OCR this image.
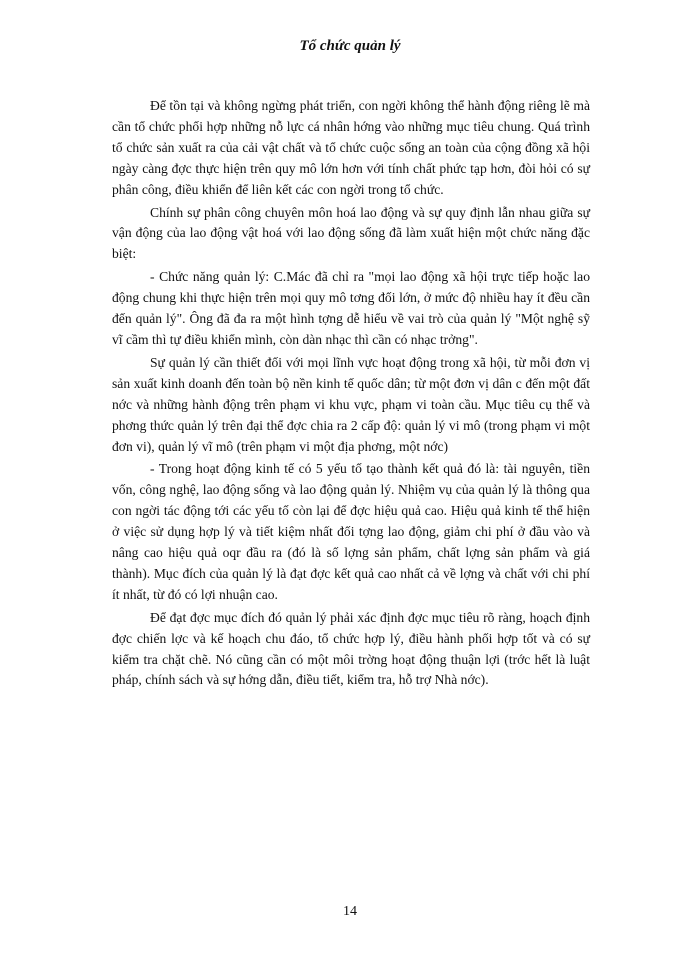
Tổ chức quản lý

Để tồn tại và không ngừng phát triển, con ngời không thể hành động riêng lẽ mà cần tổ chức phối hợp những nỗ lực cá nhân hớng vào những mục tiêu chung. Quá trình tổ chức sản xuất ra của cải vật chất và tổ chức cuộc sống an toàn của cộng đồng xã hội ngày càng đợc thực hiện trên quy mô lớn hơn với tính chất phức tạp hơn, đòi hỏi có sự phân công, điều khiển để liên kết các con ngời trong tổ chức.

Chính sự phân công chuyên môn hoá lao động và sự quy định lẫn nhau giữa sự vận động của lao động vật hoá với lao động sống đã làm xuất hiện một chức năng đặc biệt:

- Chức năng quản lý: C.Mác đã chỉ ra "mọi lao động xã hội trực tiếp hoặc lao động chung khi thực hiện trên mọi quy mô tơng đối lớn, ở mức độ nhiều hay ít đều cần đến quản lý". Ông đã đa ra một hình tợng dễ hiểu về vai trò của quản lý "Một nghệ sỹ vĩ cầm thì tự điều khiển mình, còn dàn nhạc thì cần có nhạc trởng".

Sự quản lý cần thiết đối với mọi lĩnh vực hoạt động trong xã hội, từ mỗi đơn vị sản xuất kinh doanh đến toàn bộ nền kinh tế quốc dân; từ một đơn vị dân c đến một đất nớc và những hành động trên phạm vi khu vực, phạm vi toàn cầu. Mục tiêu cụ thể và phơng thức quản lý trên đại thể đợc chia ra 2 cấp độ: quản lý vi mô (trong phạm vi một đơn vi), quản lý vĩ mô (trên phạm vi một địa phơng, một nớc)

- Trong hoạt động kinh tế có 5 yếu tố tạo thành kết quả đó là: tài nguyên, tiền vốn, công nghệ, lao động sống và lao động quản lý. Nhiệm vụ của quản lý là thông qua con ngời tác động tới các yếu tố còn lại để đợc hiệu quả cao. Hiệu quả kinh tế thể hiện ở việc sử dụng hợp lý và tiết kiệm nhất đối tợng lao động, giảm chi phí ở đầu vào và nâng cao hiệu quả oqr đầu ra (đó là số lợng sản phẩm, chất lợng sản phẩm và giá thành). Mục đích của quản lý là đạt đợc kết quả cao nhất cả về lợng và chất với chi phí ít nhất, từ đó có lợi nhuận cao.

Để đạt đợc mục đích đó quản lý phải xác định đợc mục tiêu rõ ràng, hoạch định đợc chiến lợc và kế hoạch chu đáo, tổ chức hợp lý, điều hành phối hợp tốt và có sự kiểm tra chặt chẽ. Nó cũng cần có một môi trờng hoạt động thuận lợi (trớc hết là luật pháp, chính sách và sự hớng dẫn, điều tiết, kiểm tra, hỗ trợ Nhà nớc).

14
